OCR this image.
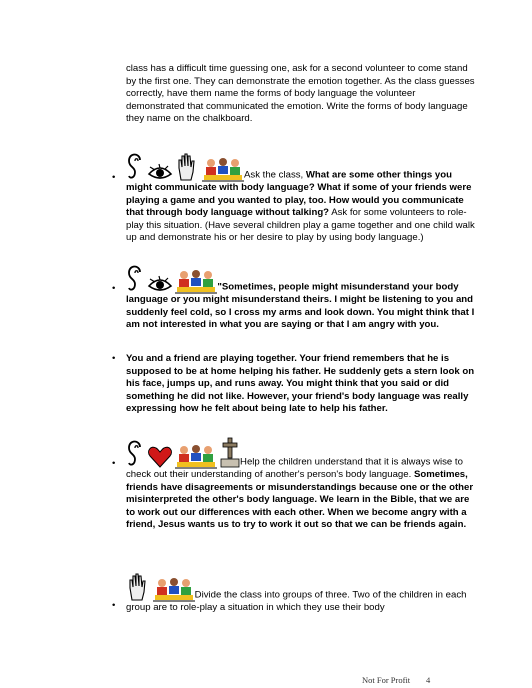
class has a difficult time guessing one, ask for a second volunteer to come stand by the first one. They can demonstrate the emotion together. As the class guesses correctly, have them name the forms of body language the volunteer demonstrated that communicated the emotion. Write the forms of body language they name on the chalkboard.
•	Ask the class, What are some other things you might communicate with body language? What if some of your friends were playing a game and you wanted to play, too. How would you communicate that through body language without talking? Ask for some volunteers to role-play this situation. (Have several children play a game together and one child walk up and demonstrate his or her desire to play by using body language.)
•	"Sometimes, people might misunderstand your body language or you might misunderstand theirs. I might be listening to you and suddenly feel cold, so I cross my arms and look down. You might think that I am not interested in what you are saying or that I am angry with you.
• You and a friend are playing together. Your friend remembers that he is supposed to be at home helping his father. He suddenly gets a stern look on his face, jumps up, and runs away. You might think that you said or did something he did not like. However, your friend's body language was really expressing how he felt about being late to help his father.
•	Help the children understand that it is always wise to check out their understanding of another's person's body language. Sometimes, friends have disagreements or misunderstandings because one or the other misinterpreted the other's body language. We learn in the Bible, that we are to work out our differences with each other. When we become angry with a friend, Jesus wants us to try to work it out so that we can be friends again.
•
Divide the class into groups of three. Two of the children in each group are to role-play a situation in which they use their body
Not For Profit 4
